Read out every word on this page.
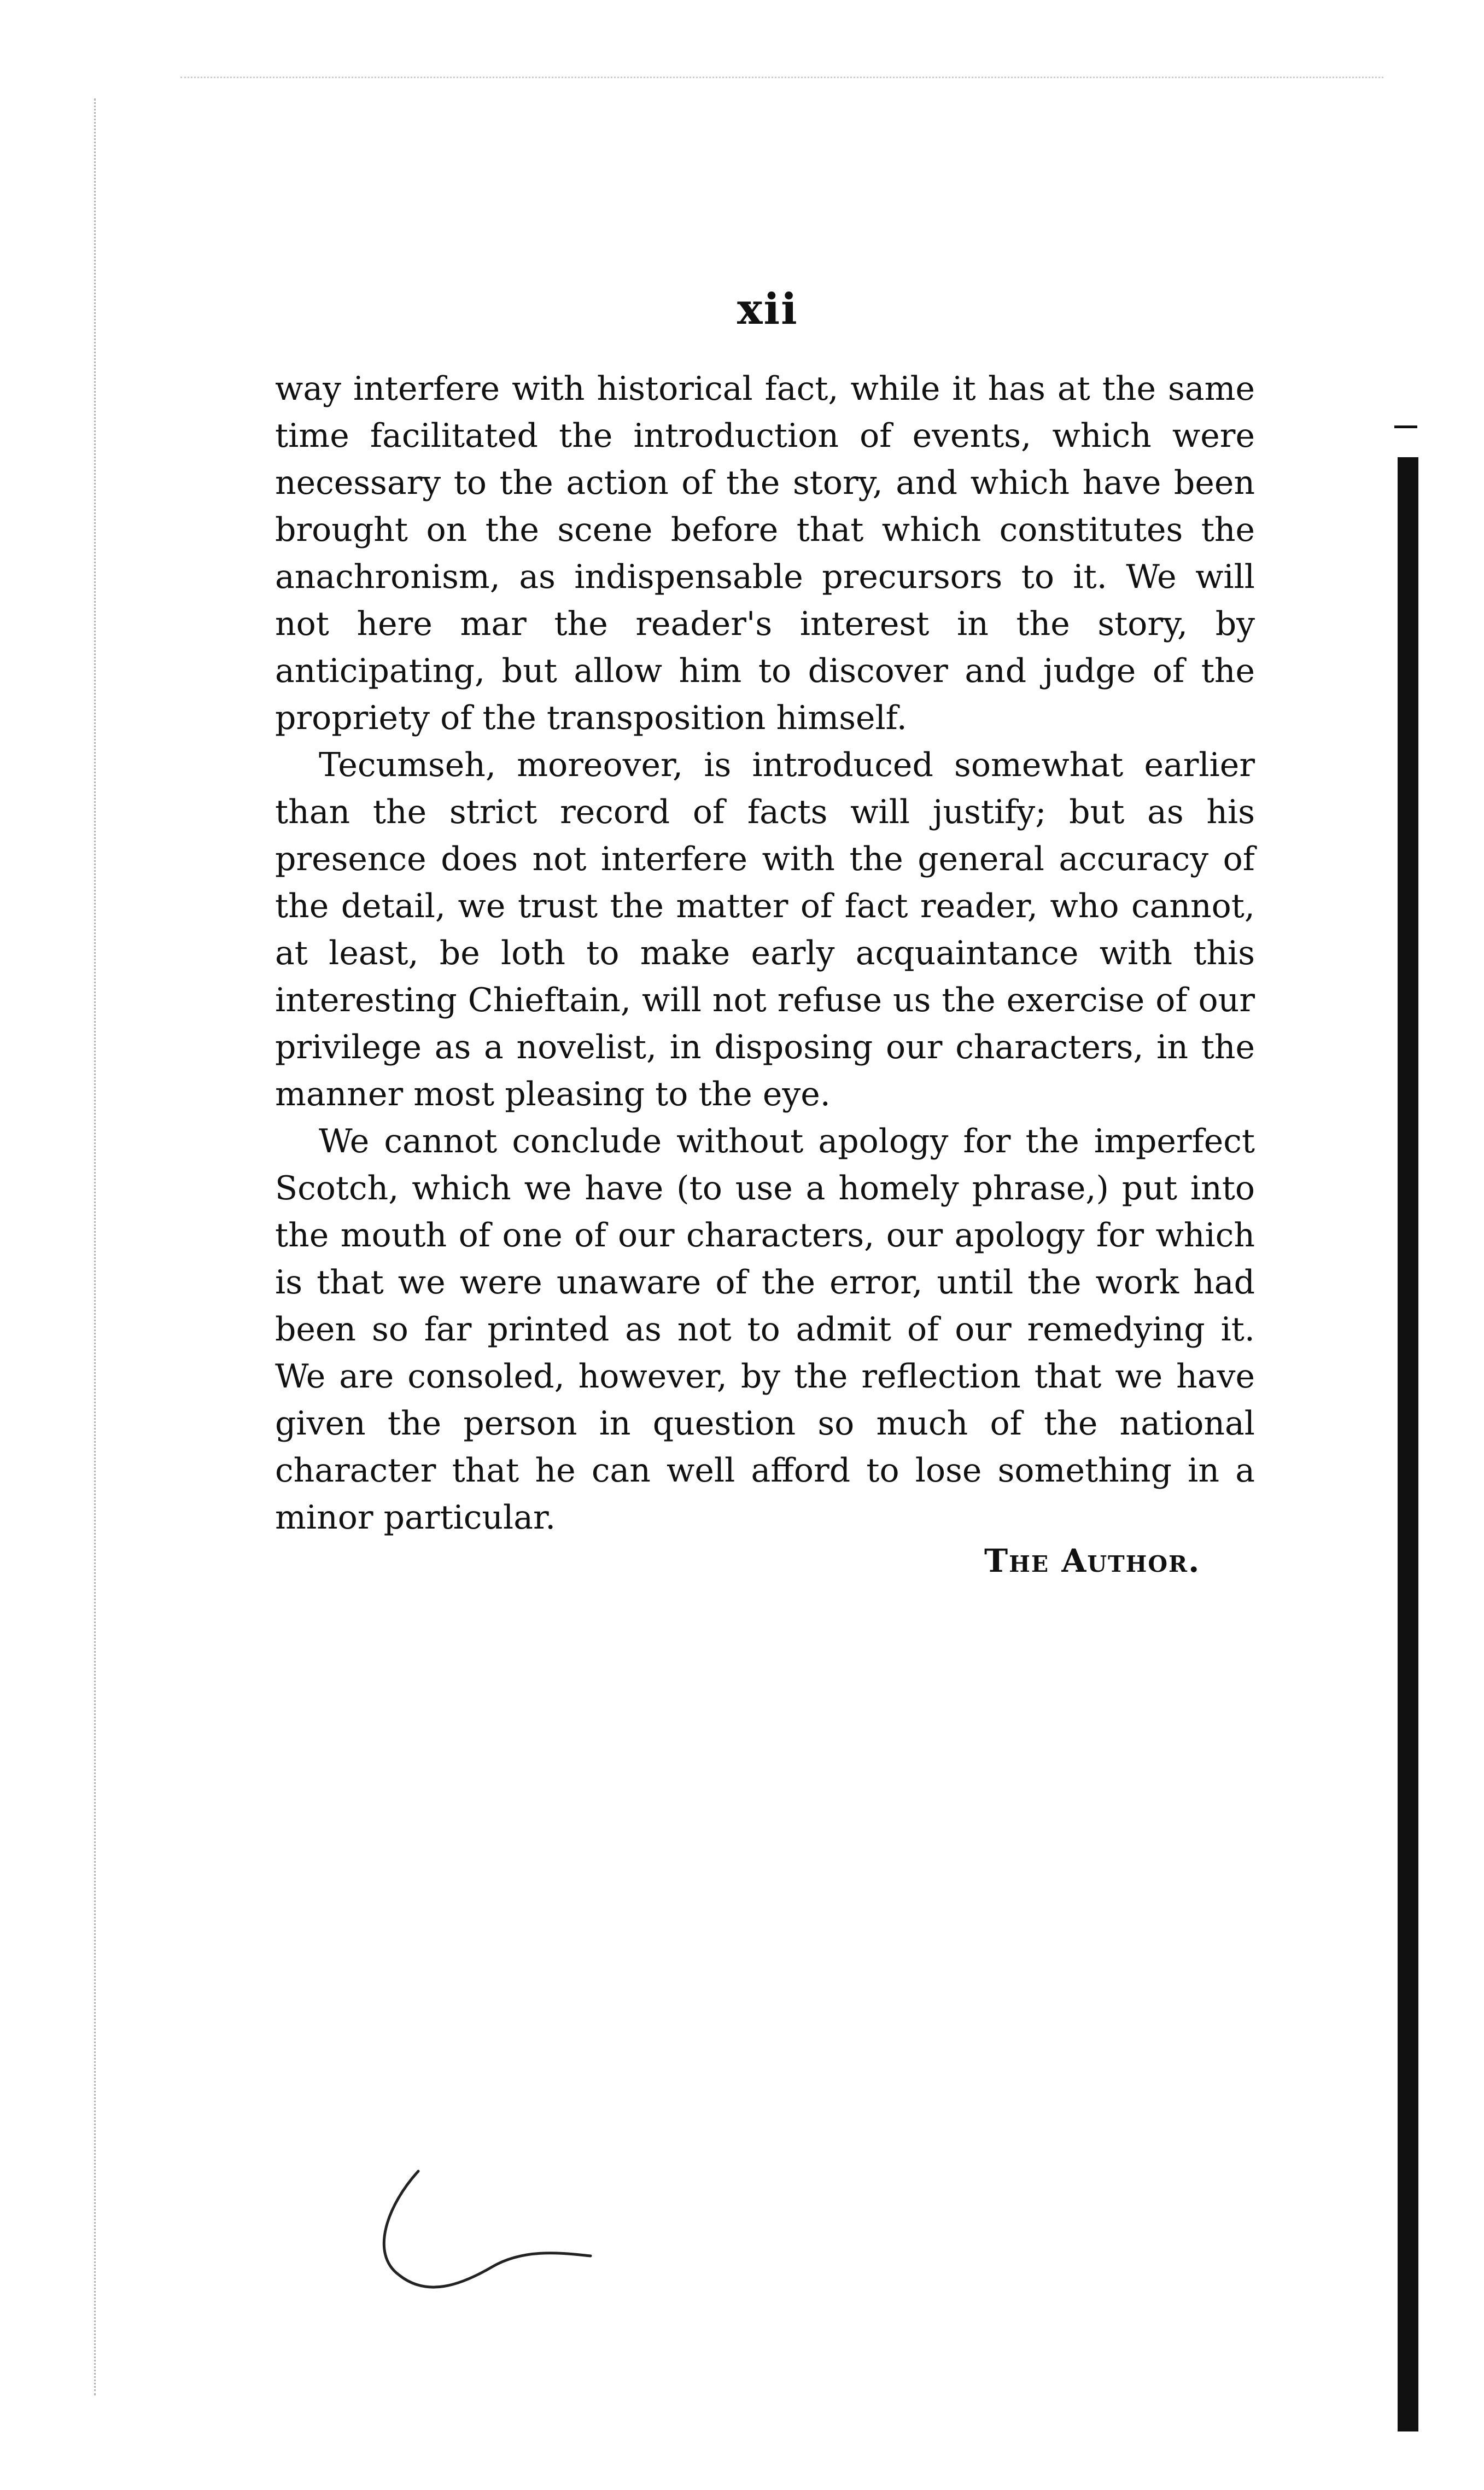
xii

way interfere with historical fact, while it has at the same time facilitated the introduction of events, which were necessary to the action of the story, and which have been brought on the scene before that which constitutes the anachronism, as indispensable precursors to it. We will not here mar the reader's interest in the story, by anticipating, but allow him to discover and judge of the propriety of the transposition himself.

Tecumseh, moreover, is introduced somewhat earlier than the strict record of facts will justify; but as his presence does not interfere with the general accuracy of the detail, we trust the matter of fact reader, who cannot, at least, be loth to make early acquaintance with this interesting Chieftain, will not refuse us the exercise of our privilege as a novelist, in disposing our characters, in the manner most pleasing to the eye.

We cannot conclude without apology for the imperfect Scotch, which we have (to use a homely phrase,) put into the mouth of one of our characters, our apology for which is that we were unaware of the error, until the work had been so far printed as not to admit of our remedying it. We are consoled, however, by the reflection that we have given the person in question so much of the national character that he can well afford to lose something in a minor particular.

The Author.
